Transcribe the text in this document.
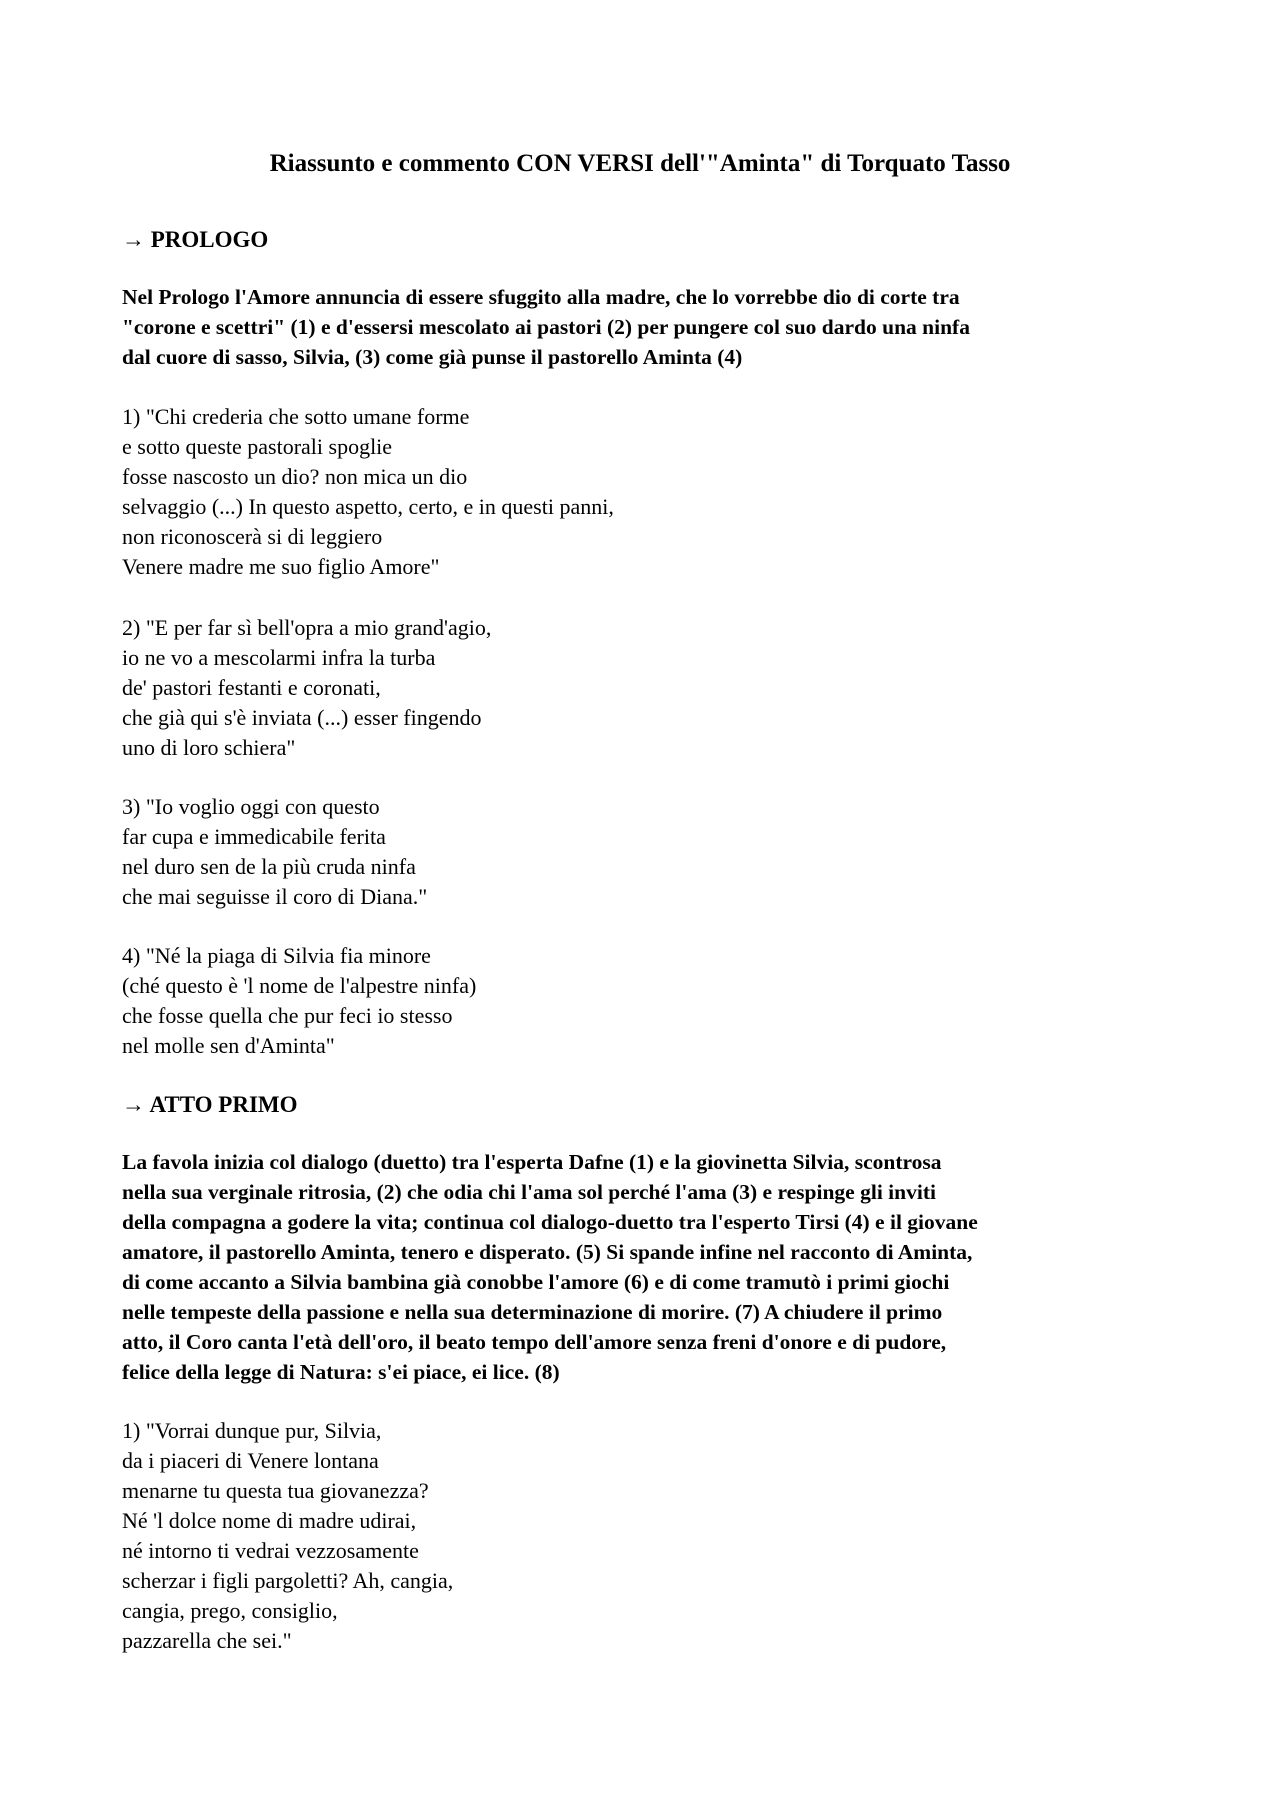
Riassunto e commento CON VERSI dell'"Aminta" di Torquato Tasso
→ PROLOGO
Nel Prologo l'Amore annuncia di essere sfuggito alla madre, che lo vorrebbe dio di corte tra
"corone e scettri" (1) e d'essersi mescolato ai pastori (2) per pungere col suo dardo una ninfa
dal cuore di sasso, Silvia, (3) come già punse il pastorello Aminta (4)
1) "Chi crederia che sotto umane forme
e sotto queste pastorali spoglie
fosse nascosto un dio? non mica un dio
selvaggio (...) In questo aspetto, certo, e in questi panni,
non riconoscerà si di leggiero
Venere madre me suo figlio Amore"
2) "E per far sì bell'opra a mio grand'agio,
io ne vo a mescolarmi infra la turba
de' pastori festanti e coronati,
che già qui s'è inviata (...) esser fingendo
uno di loro schiera"
3) "Io voglio oggi con questo
far cupa e immedicabile ferita
nel duro sen de la più cruda ninfa
che mai seguisse il coro di Diana."
4) "Né la piaga di Silvia fia minore
(ché questo è 'l nome de l'alpestre ninfa)
che fosse quella che pur feci io stesso
nel molle sen d'Aminta"
→ ATTO PRIMO
La favola inizia col dialogo (duetto) tra l'esperta Dafne (1) e la giovinetta Silvia, scontrosa
nella sua verginale ritrosia, (2) che odia chi l'ama sol perché l'ama (3) e respinge gli inviti
della compagna a godere la vita; continua col dialogo-duetto tra l'esperto Tirsi (4) e il giovane
amatore, il pastorello Aminta, tenero e disperato. (5) Si spande infine nel racconto di Aminta,
di come accanto a Silvia bambina già conobbe l'amore (6) e di come tramutò i primi giochi
nelle tempeste della passione e nella sua determinazione di morire. (7) A chiudere il primo
atto, il Coro canta l'età dell'oro, il beato tempo dell'amore senza freni d'onore e di pudore,
felice della legge di Natura: s'ei piace, ei lice. (8)
1) "Vorrai dunque pur, Silvia,
da i piaceri di Venere lontana
menarne tu questa tua giovanezza?
Né 'l dolce nome di madre udirai,
né intorno ti vedrai vezzosamente
scherzar i figli pargoletti? Ah, cangia,
cangia, prego, consiglio,
pazzarella che sei."
